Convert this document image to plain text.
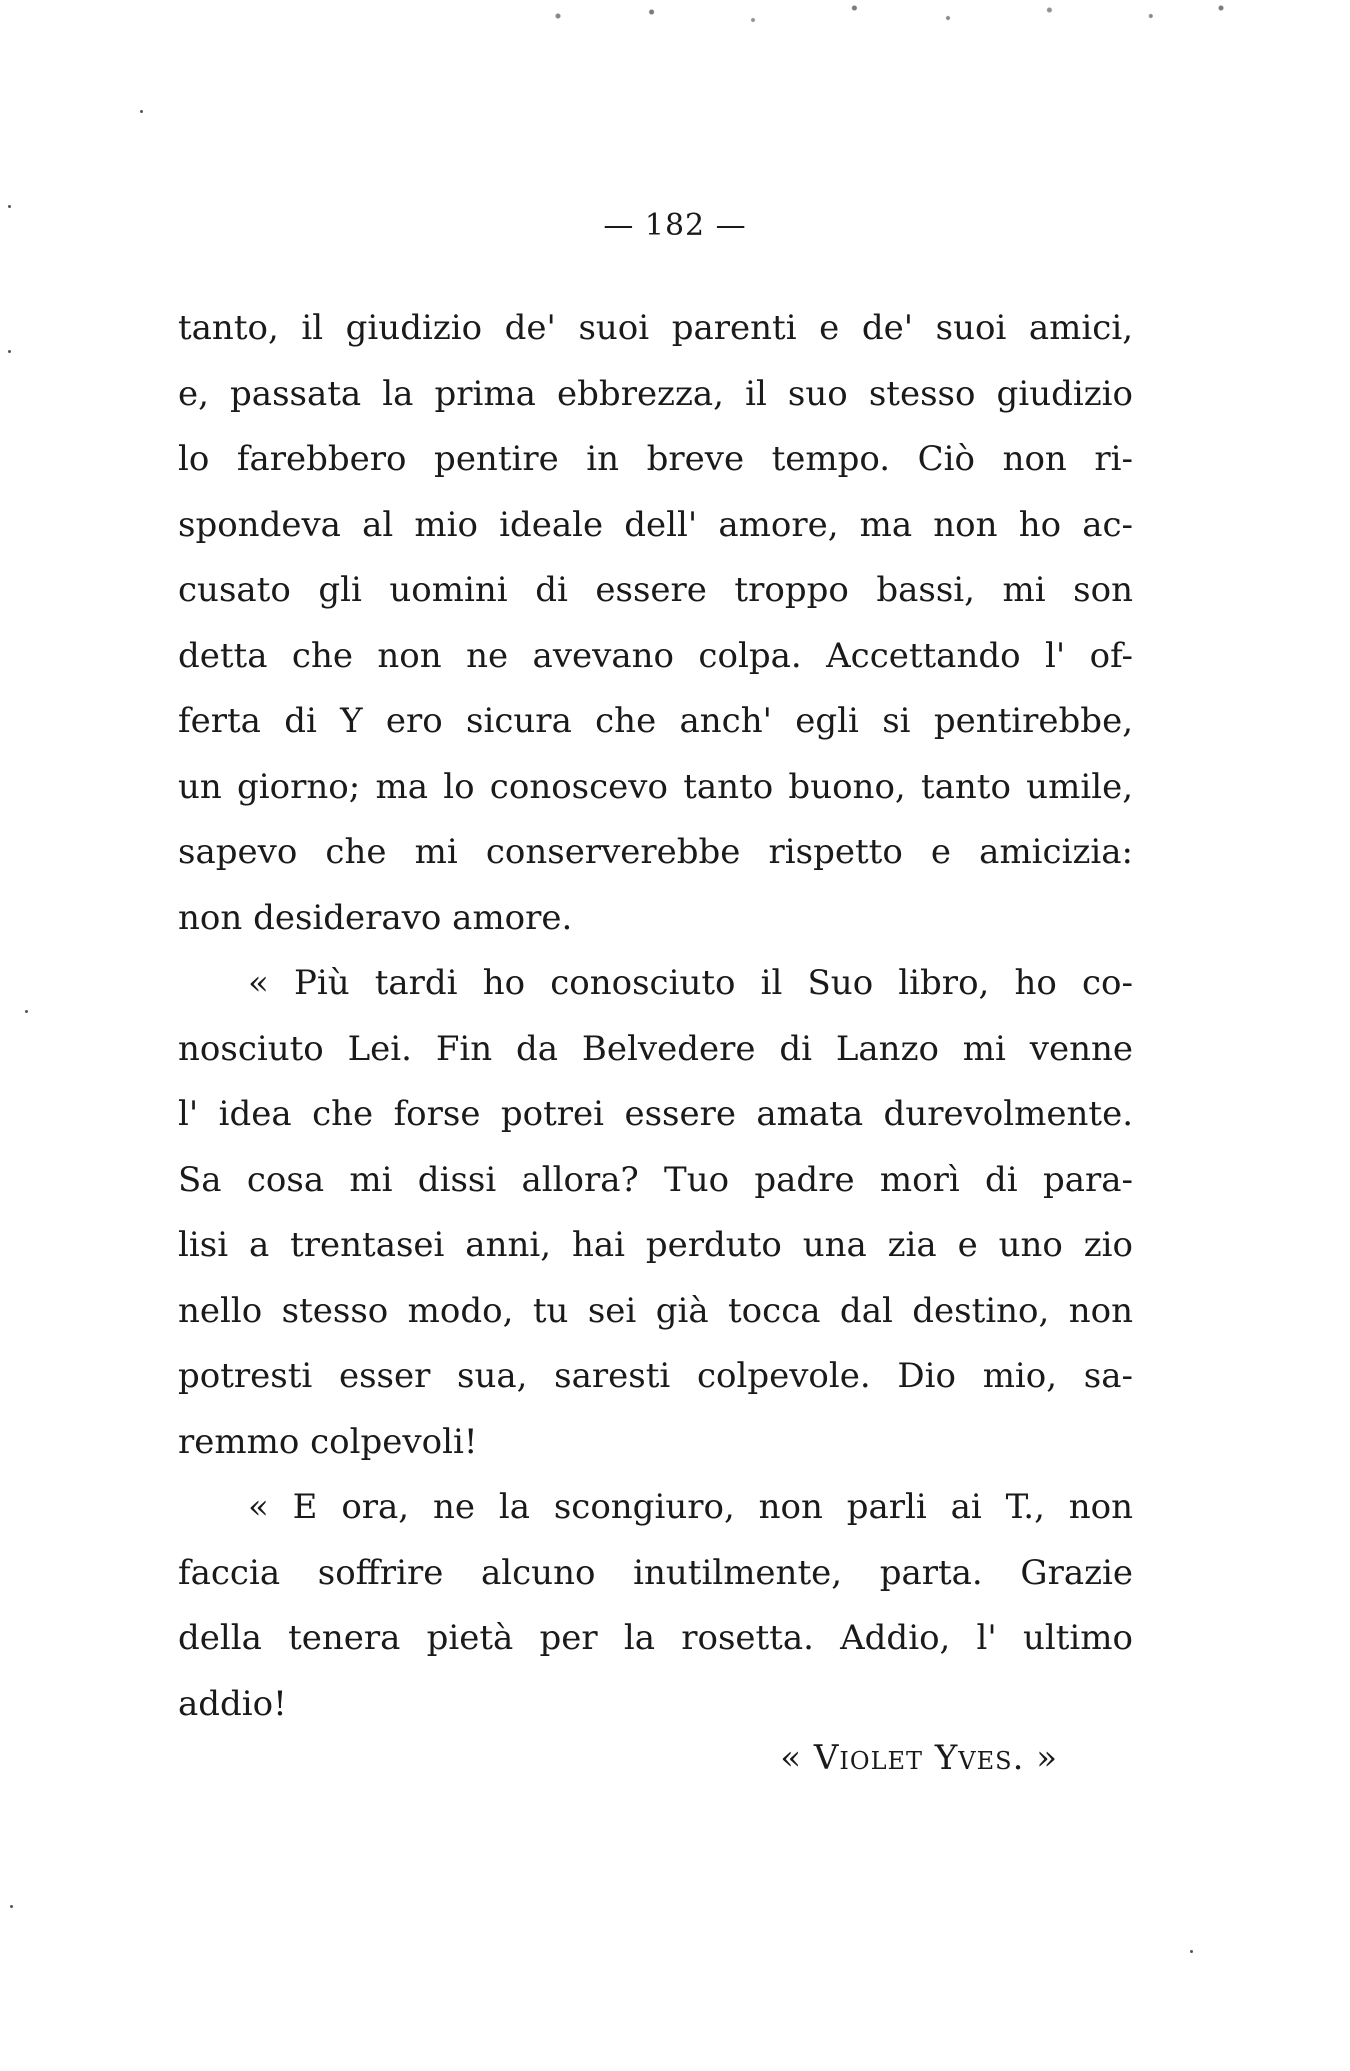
— 182 —
tanto, il giudizio de' suoi parenti e de' suoi amici,
e, passata la prima ebbrezza, il suo stesso giudizio
lo farebbero pentire in breve tempo. Ciò non ri-
spondeva al mio ideale dell' amore, ma non ho ac-
cusato gli uomini di essere troppo bassi, mi son
detta che non ne avevano colpa. Accettando l' of-
ferta di Y ero sicura che anch' egli si pentirebbe,
un giorno; ma lo conoscevo tanto buono, tanto umile,
sapevo che mi conserverebbe rispetto e amicizia:
non desideravo amore.
« Più tardi ho conosciuto il Suo libro, ho co-
nosciuto Lei. Fin da Belvedere di Lanzo mi venne
l' idea che forse potrei essere amata durevolmente.
Sa cosa mi dissi allora? Tuo padre morì di para-
lisi a trentasei anni, hai perduto una zia e uno zio
nello stesso modo, tu sei già tocca dal destino, non
potresti esser sua, saresti colpevole. Dio mio, sa-
remmo colpevoli!
« E ora, ne la scongiuro, non parli ai T., non
faccia soffrire alcuno inutilmente, parta. Grazie
della tenera pietà per la rosetta. Addio, l' ultimo
addio!
« Violet Yves. »
